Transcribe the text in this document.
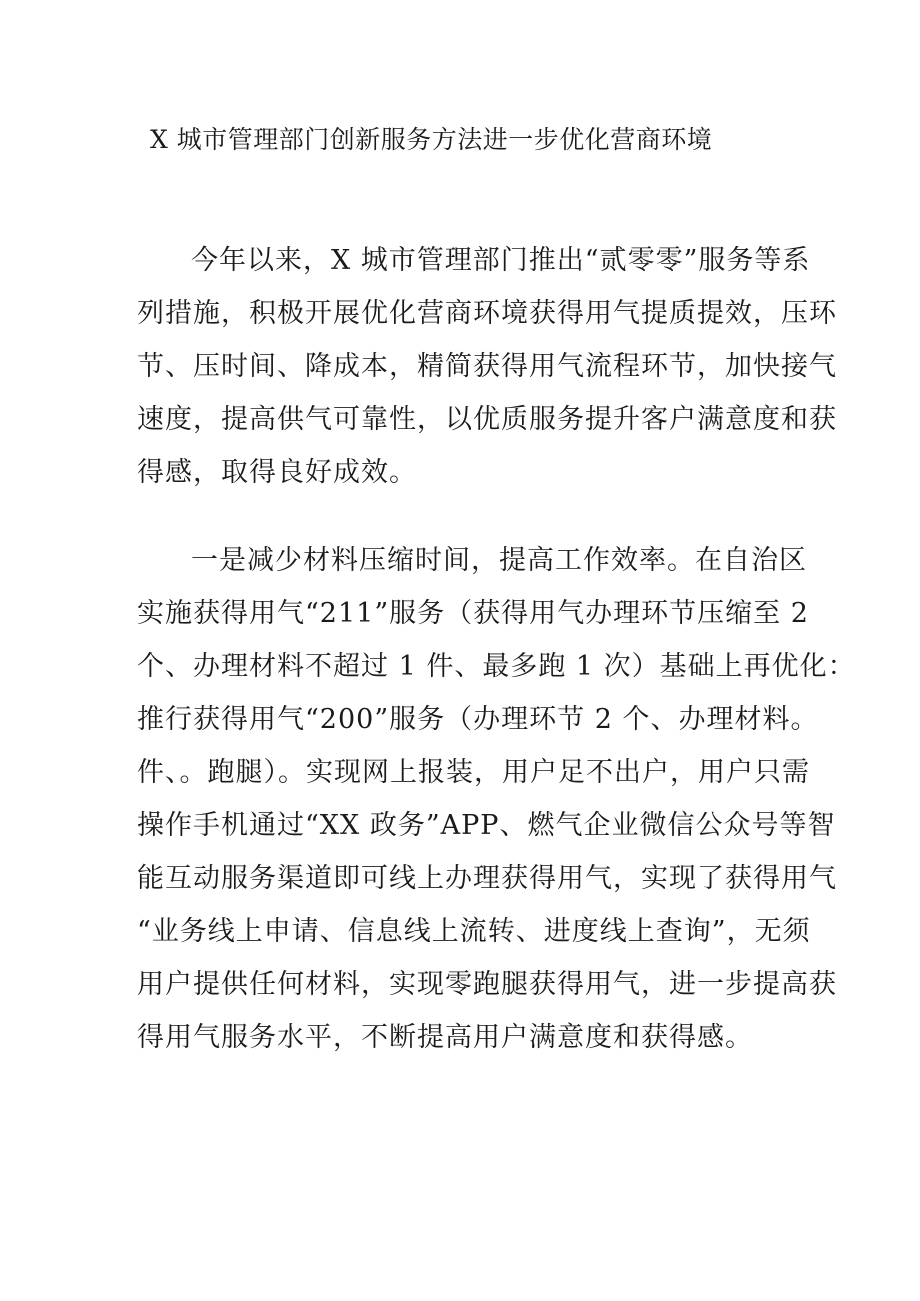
X 城市管理部门创新服务方法进一步优化营商环境
今年以来，X 城市管理部门推出“贰零零”服务等系
列措施，积极开展优化营商环境获得用气提质提效，压环
节、压时间、降成本，精简获得用气流程环节，加快接气
速度，提高供气可靠性，以优质服务提升客户满意度和获
得感，取得良好成效。
一是减少材料压缩时间，提高工作效率。在自治区
实施获得用气“211”服务（获得用气办理环节压缩至 2
个、办理材料不超过 1 件、最多跑 1 次）基础上再优化：
推行获得用气“200”服务（办理环节 2 个、办理材料。
件、。跑腿）。实现网上报装，用户足不出户，用户只需
操作手机通过“XX 政务”APP、燃气企业微信公众号等智
能互动服务渠道即可线上办理获得用气，实现了获得用气
“业务线上申请、信息线上流转、进度线上查询”，无须
用户提供任何材料，实现零跑腿获得用气，进一步提高获
得用气服务水平，不断提高用户满意度和获得感。
